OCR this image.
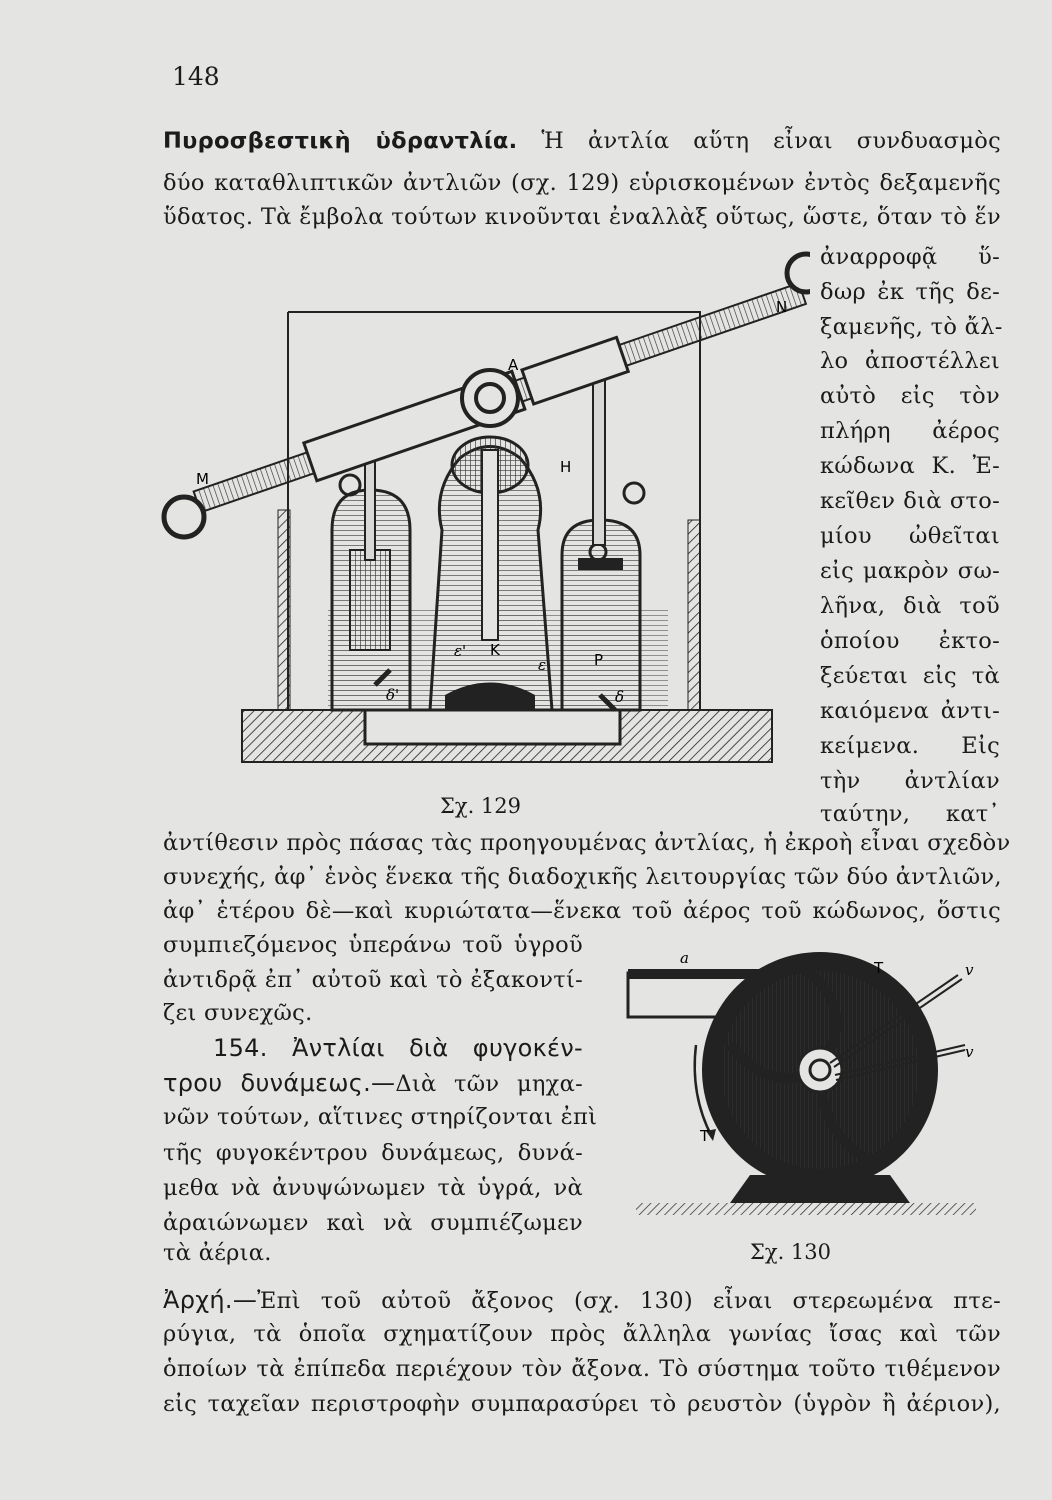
148
Πυροσβεστικὴ ὑδραντλία. Ἡ ἀντλία αὕτη εἶναι συνδυασμὸς
δύο καταθλιπτικῶν ἀντλιῶν (σχ. 129) εὑρισκομένων ἐντὸς δεξαμενῆς
ὕδατος. Τὰ ἔμβολα τούτων κινοῦνται ἐναλλὰξ οὕτως, ὥστε, ὅταν τὸ ἕν
ἀναρροφᾷ ὕ-
δωρ ἐκ τῆς δε-
ξαμενῆς, τὸ ἄλ-
λο ἀποστέλλει
αὐτὸ εἰς τὸν
πλήρη ἀέρος
κώδωνα Κ. Ἐ-
κεῖθεν διὰ στο-
μίου ὠθεῖται
εἰς μακρὸν σω-
λῆνα, διὰ τοῦ
ὁποίου ἐκτο-
ξεύεται εἰς τὰ
καιόμενα ἀντι-
κείμενα. Εἰς
τὴν ἀντλίαν
ταύτην, κατ᾽
A
M
N
H
K
P
ε'
ε
δ'	δ
Σχ. 129
ἀντίθεσιν πρὸς πάσας τὰς προηγουμένας ἀντλίας, ἡ ἐκροὴ εἶναι σχεδὸν
συνεχής, ἀφ᾽ ἑνὸς ἕνεκα τῆς διαδοχικῆς λειτουργίας τῶν δύο ἀντλιῶν,
ἀφ᾽ ἑτέρου δὲ—καὶ κυριώτατα—ἕνεκα τοῦ ἀέρος τοῦ κώδωνος, ὅστις
συμπιεζόμενος ὑπεράνω τοῦ ὑγροῦ
ἀντιδρᾷ ἐπ᾽ αὐτοῦ καὶ τὸ ἐξακοντί-
ζει συνεχῶς.
154. Ἀντλίαι διὰ φυγοκέν-
τρου δυνάμεως.—Διὰ τῶν μηχα-
νῶν τούτων, αἵτινες στηρίζονται ἐπὶ
τῆς φυγοκέντρου δυνάμεως, δυνά-
μεθα νὰ ἀνυψώνωμεν τὰ ὑγρά, νὰ
ἀραιώνωμεν καὶ νὰ συμπιέζωμεν
τὰ ἀέρια.
a
T
T
v
v
Σχ. 130
Ἀρχή.—Ἐπὶ τοῦ αὐτοῦ ἄξονος (σχ. 130) εἶναι στερεωμένα πτε-
ρύγια, τὰ ὁποῖα σχηματίζουν πρὸς ἄλληλα γωνίας ἴσας καὶ τῶν
ὁποίων τὰ ἐπίπεδα περιέχουν τὸν ἄξονα. Τὸ σύστημα τοῦτο τιθέμενον
εἰς ταχεῖαν περιστροφὴν συμπαρασύρει τὸ ρευστὸν (ὑγρὸν ἢ ἀέριον),
